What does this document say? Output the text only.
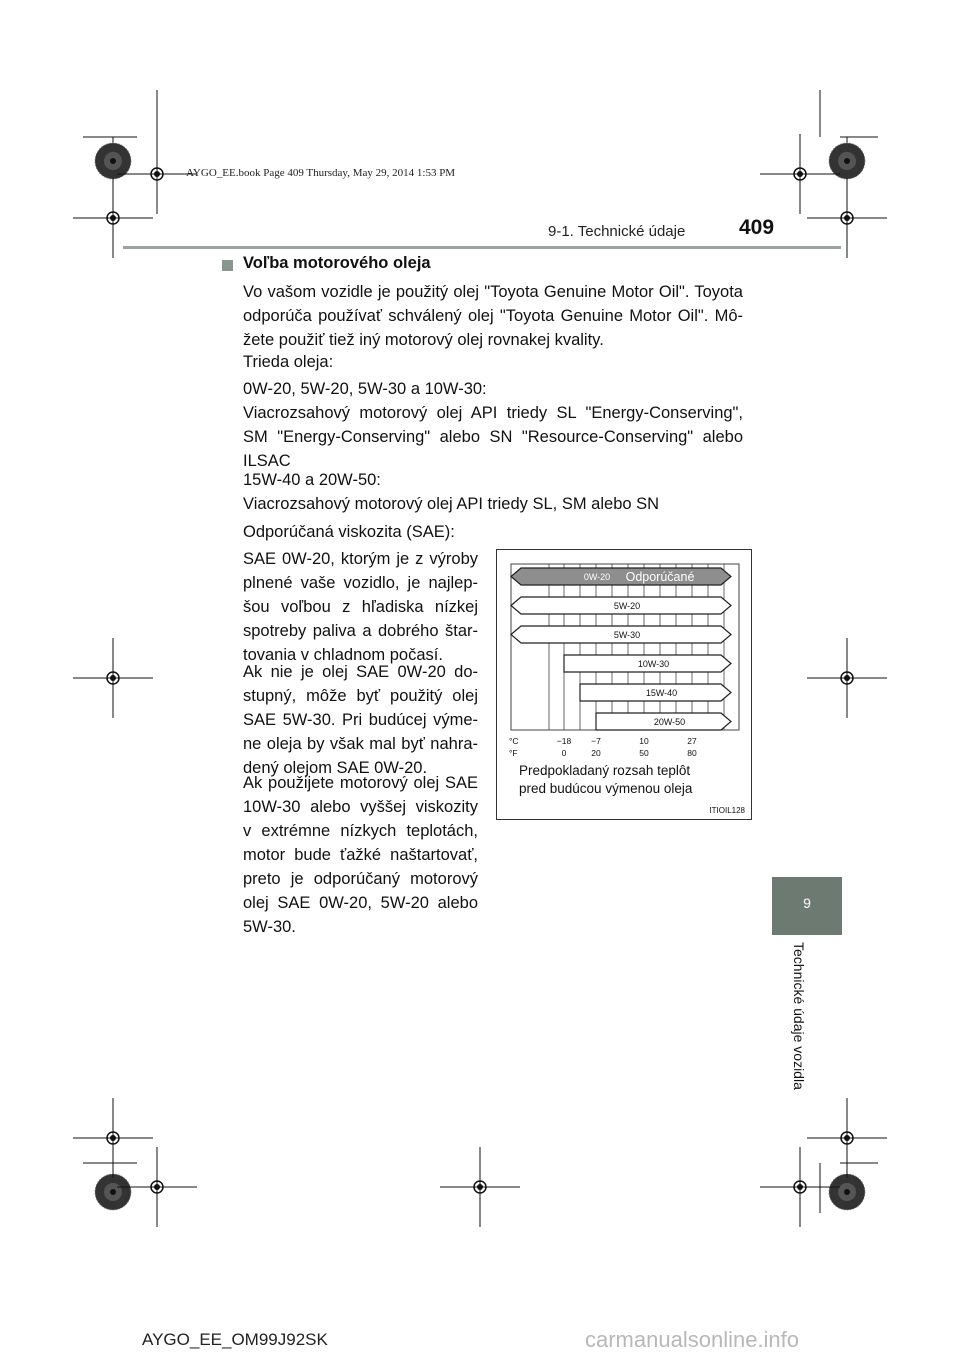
AYGO_EE.book Page 409 Thursday, May 29, 2014 1:53 PM
9-1. Technické údaje	409
9
Technické údaje vozidla
Voľba motorového oleja
Vo vašom vozidle je použitý olej "Toyota Genuine Motor Oil". Toyota
odporúča používať schválený olej "Toyota Genuine Motor Oil". Mô-
žete použiť tiež iný motorový olej rovnakej kvality.
Trieda oleja:
0W-20, 5W-20, 5W-30 a 10W-30:
Viacrozsahový motorový olej API triedy SL "Energy-Conserving",
SM "Energy-Conserving" alebo SN "Resource-Conserving" alebo
ILSAC
15W-40 a 20W-50:
Viacrozsahový motorový olej API triedy SL, SM alebo SN
Odporúčaná viskozita (SAE):
SAE 0W-20, ktorým je z výroby
plnené vaše vozidlo, je najlep-
šou voľbou z hľadiska nízkej
spotreby paliva a dobrého štar-
tovania v chladnom počasí.
Ak nie je olej SAE 0W-20 do-
stupný, môže byť použitý olej
SAE 5W-30. Pri budúcej výme-
ne oleja by však mal byť nahra-
dený olejom SAE 0W-20.
Ak použijete motorový olej SAE
10W-30 alebo vyššej viskozity
v extrémne nízkych teplotách,
motor bude ťažké naštartovať,
preto je odporúčaný motorový
olej SAE 0W-20, 5W-20 alebo
5W-30.
0W-20 Odporúčané
5W-20
5W-30
10W-30
15W-40
20W-50
°C
°F
−18 −7	10	27
0	20	50	80
Predpokladaný rozsah teplôt
pred budúcou výmenou oleja
ITIOIL128
AYGO_EE_OM99J92SK	carmanualsonline.info
